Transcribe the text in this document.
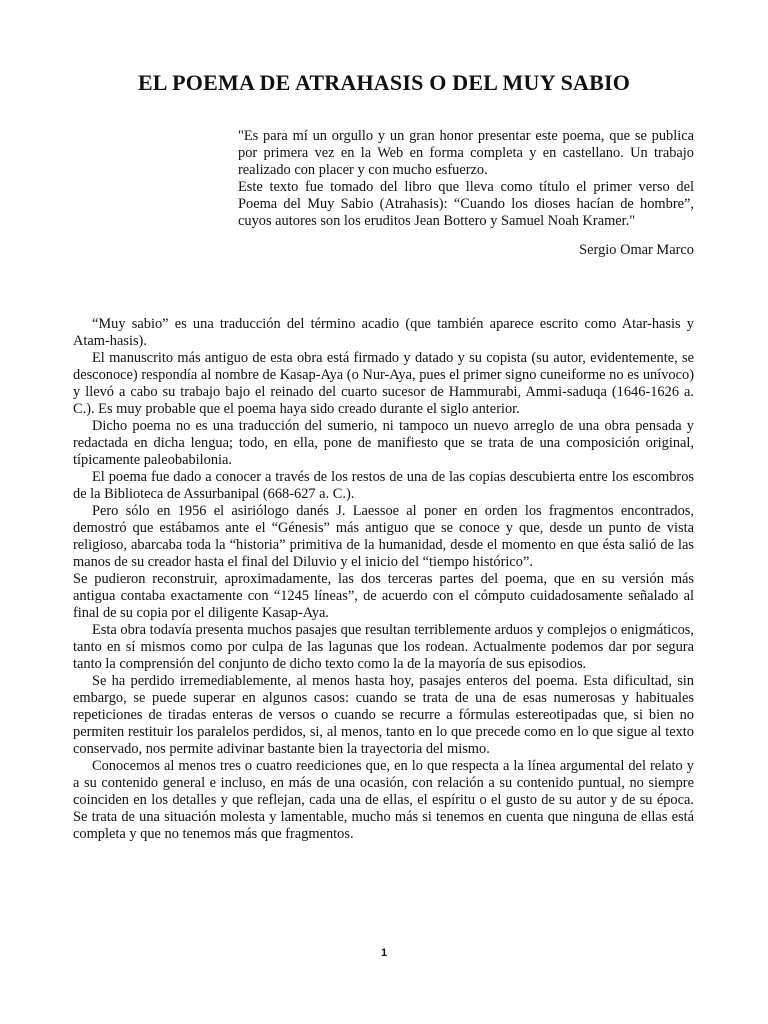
EL POEMA DE ATRAHASIS O DEL MUY SABIO

"Es para mí un orgullo y un gran honor presentar este poema, que se publica por primera vez en la Web en forma completa y en castellano. Un trabajo realizado con placer y con mucho esfuerzo.

Este texto fue tomado del libro que lleva como título el primer verso del Poema del Muy Sabio (Atrahasis): “Cuando los dioses hacían de hombre”, cuyos autores son los eruditos Jean Bottero y Samuel Noah Kramer."

Sergio Omar Marco

“Muy sabio” es una traducción del término acadio (que también aparece escrito como Atar-hasis y Atam-hasis).

El manuscrito más antiguo de esta obra está firmado y datado y su copista (su autor, evidentemente, se desconoce) respondía al nombre de Kasap-Aya (o Nur-Aya, pues el primer signo cuneiforme no es unívoco) y llevó a cabo su trabajo bajo el reinado del cuarto sucesor de Hammurabi, Ammi-saduqa (1646-1626 a. C.). Es muy probable que el poema haya sido creado durante el siglo anterior.

Dicho poema no es una traducción del sumerio, ni tampoco un nuevo arreglo de una obra pensada y redactada en dicha lengua; todo, en ella, pone de manifiesto que se trata de una composición original, típicamente paleobabilonia.

El poema fue dado a conocer a través de los restos de una de las copias descubierta entre los escombros de la Biblioteca de Assurbanipal (668-627 a. C.).

Pero sólo en 1956 el asiriólogo danés J. Laessoe al poner en orden los fragmentos encontrados, demostró que estábamos ante el “Génesis” más antiguo que se conoce y que, desde un punto de vista religioso, abarcaba toda la “historia” primitiva de la humanidad, desde el momento en que ésta salió de las manos de su creador hasta el final del Diluvio y el inicio del “tiempo histórico”.

Se pudieron reconstruir, aproximadamente, las dos terceras partes del poema, que en su versión más antigua contaba exactamente con “1245 líneas”, de acuerdo con el cómputo cuidadosamente señalado al final de su copia por el diligente Kasap-Aya.

Esta obra todavía presenta muchos pasajes que resultan terriblemente arduos y complejos o enigmáticos, tanto en sí mismos como por culpa de las lagunas que los rodean. Actualmente podemos dar por segura tanto la comprensión del conjunto de dicho texto como la de la mayoría de sus episodios.

Se ha perdido irremediablemente, al menos hasta hoy, pasajes enteros del poema. Esta dificultad, sin embargo, se puede superar en algunos casos: cuando se trata de una de esas numerosas y habituales repeticiones de tiradas enteras de versos o cuando se recurre a fórmulas estereotipadas que, si bien no permiten restituir los paralelos perdidos, si, al menos, tanto en lo que precede como en lo que sigue al texto conservado, nos permite adivinar bastante bien la trayectoria del mismo.

Conocemos al menos tres o cuatro reediciones que, en lo que respecta a la línea argumental del relato y a su contenido general e incluso, en más de una ocasión, con relación a su contenido puntual, no siempre coinciden en los detalles y que reflejan, cada una de ellas, el espíritu o el gusto de su autor y de su época. Se trata de una situación molesta y lamentable, mucho más si tenemos en cuenta que ninguna de ellas está completa y que no tenemos más que fragmentos.

1
